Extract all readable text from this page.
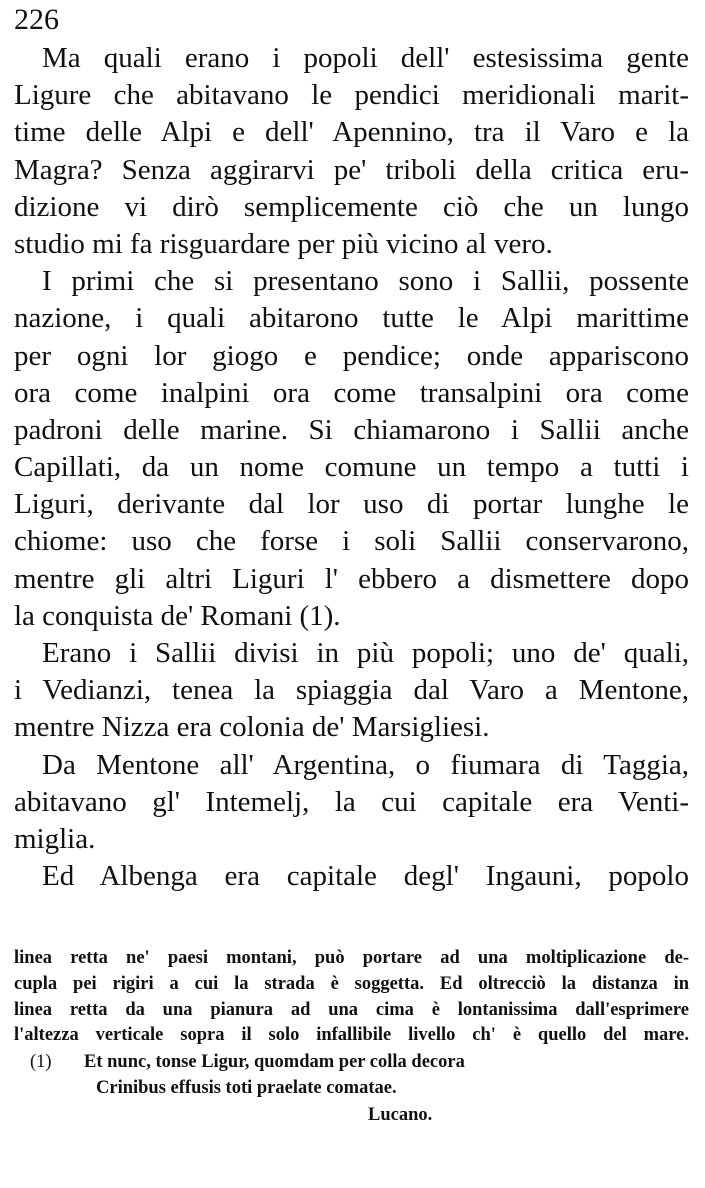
226
Ma quali erano i popoli dell' estesissima gente
Ligure che abitavano le pendici meridionali marit-
time delle Alpi e dell' Apennino, tra il Varo e la
Magra? Senza aggirarvi pe' triboli della critica eru-
dizione vi dirò semplicemente ciò che un lungo
studio mi fa risguardare per più vicino al vero.
I primi che si presentano sono i Sallii, possente
nazione, i quali abitarono tutte le Alpi marittime
per ogni lor giogo e pendice; onde appariscono
ora come inalpini ora come transalpini ora come
padroni delle marine. Si chiamarono i Sallii anche
Capillati, da un nome comune un tempo a tutti i
Liguri, derivante dal lor uso di portar lunghe le
chiome: uso che forse i soli Sallii conservarono,
mentre gli altri Liguri l' ebbero a dismettere dopo
la conquista de' Romani (1).
Erano i Sallii divisi in più popoli; uno de' quali,
i Vedianzi, tenea la spiaggia dal Varo a Mentone,
mentre Nizza era colonia de' Marsigliesi.
Da Mentone all' Argentina, o fiumara di Taggia,
abitavano gl' Intemelj, la cui capitale era Venti-
miglia.
Ed Albenga era capitale degl' Ingauni, popolo
linea retta ne' paesi montani, può portare ad una moltiplicazione de-
cupla pei rigiri a cui la strada è soggetta. Ed oltrecciò la distanza in
linea retta da una pianura ad una cima è lontanissima dall'esprimere
l'altezza verticale sopra il solo infallibile livello ch' è quello del mare.
(1) Et nunc, tonse Ligur, quomdam per colla decora
Crinibus effusis toti praelate comatae.
Lucano.
